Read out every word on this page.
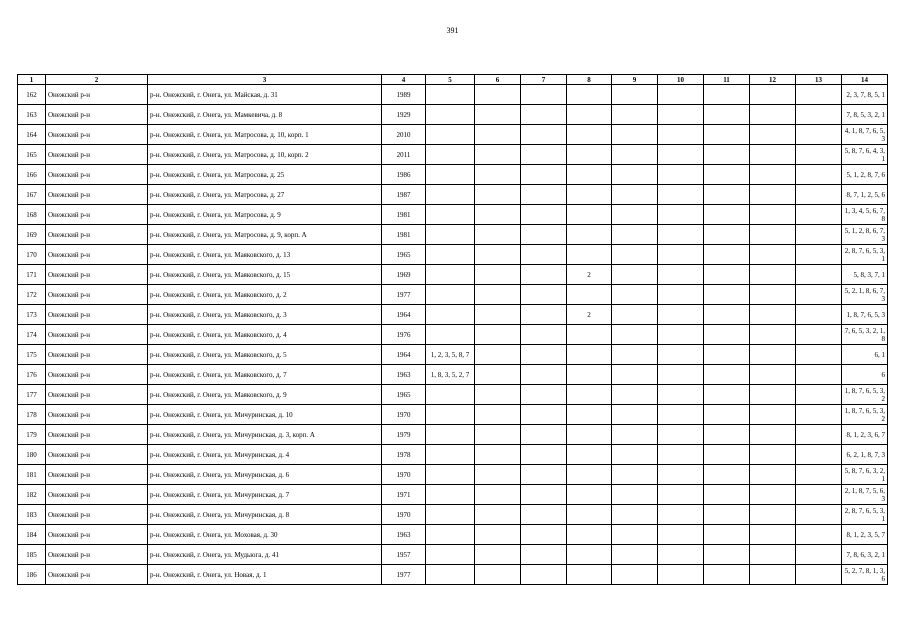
391
1	2	3	4	5	6	7	8	9	10	11	12	13	14
162	Онежский р-н	р-н. Онежский, г. Онега, ул. Майская, д. 31	1989										2, 3, 7, 8, 5, 1
163	Онежский р-н	р-н. Онежский, г. Онега, ул. Мамкевича, д. 8	1929										7, 8, 5, 3, 2, 1
164	Онежский р-н	р-н. Онежский, г. Онега, ул. Матросова, д. 10, корп. 1	2010										4, 1, 8, 7, 6, 5, 3
165	Онежский р-н	р-н. Онежский, г. Онега, ул. Матросова, д. 10, корп. 2	2011										5, 8, 7, 6, 4, 3, 1
166	Онежский р-н	р-н. Онежский, г. Онега, ул. Матросова, д. 25	1986										5, 1, 2, 8, 7, 6
167	Онежский р-н	р-н. Онежский, г. Онега, ул. Матросова, д. 27	1987										8, 7, 1, 2, 5, 6
168	Онежский р-н	р-н. Онежский, г. Онега, ул. Матросова, д. 9	1981										1, 3, 4, 5, 6, 7, 8
169	Онежский р-н	р-н. Онежский, г. Онега, ул. Матросова, д. 9, корп. А	1981										5, 1, 2, 8, 6, 7, 3
170	Онежский р-н	р-н. Онежский, г. Онега, ул. Маяковского, д. 13	1965										2, 8, 7, 6, 5, 3, 1
171	Онежский р-н	р-н. Онежский, г. Онега, ул. Маяковского, д. 15	1969				2						5, 8, 3, 7, 1
172	Онежский р-н	р-н. Онежский, г. Онега, ул. Маяковского, д. 2	1977										5, 2, 1, 8, 6, 7, 3
173	Онежский р-н	р-н. Онежский, г. Онега, ул. Маяковского, д. 3	1964				2						1, 8, 7, 6, 5, 3
174	Онежский р-н	р-н. Онежский, г. Онега, ул. Маяковского, д. 4	1976										7, 6, 5, 3, 2, 1, 8
175	Онежский р-н	р-н. Онежский, г. Онега, ул. Маяковского, д. 5	1964	1, 2, 3, 5, 8, 7									6, 1
176	Онежский р-н	р-н. Онежский, г. Онега, ул. Маяковского, д. 7	1963	1, 8, 3, 5, 2, 7									6
177	Онежский р-н	р-н. Онежский, г. Онега, ул. Маяковского, д. 9	1965										1, 8, 7, 6, 5, 3, 2
178	Онежский р-н	р-н. Онежский, г. Онега, ул. Мичуринская, д. 10	1970										1, 8, 7, 6, 5, 3, 2
179	Онежский р-н	р-н. Онежский, г. Онега, ул. Мичуринская, д. 3, корп. А	1979										8, 1, 2, 3, 6, 7
180	Онежский р-н	р-н. Онежский, г. Онега, ул. Мичуринская, д. 4	1978										6, 2, 1, 8, 7, 3
181	Онежский р-н	р-н. Онежский, г. Онега, ул. Мичуринская, д. 6	1970										5, 8, 7, 6, 3, 2, 1
182	Онежский р-н	р-н. Онежский, г. Онега, ул. Мичуринская, д. 7	1971										2, 1, 8, 7, 5, 6, 3
183	Онежский р-н	р-н. Онежский, г. Онега, ул. Мичуринская, д. 8	1970										2, 8, 7, 6, 5, 3, 1
184	Онежский р-н	р-н. Онежский, г. Онега, ул. Моховая, д. 30	1963										8, 1, 2, 3, 5, 7
185	Онежский р-н	р-н. Онежский, г. Онега, ул. Мудьюга, д. 41	1957										7, 8, 6, 3, 2, 1
186	Онежский р-н	р-н. Онежский, г. Онега, ул. Новая, д. 1	1977										5, 2, 7, 8, 1, 3, 6
